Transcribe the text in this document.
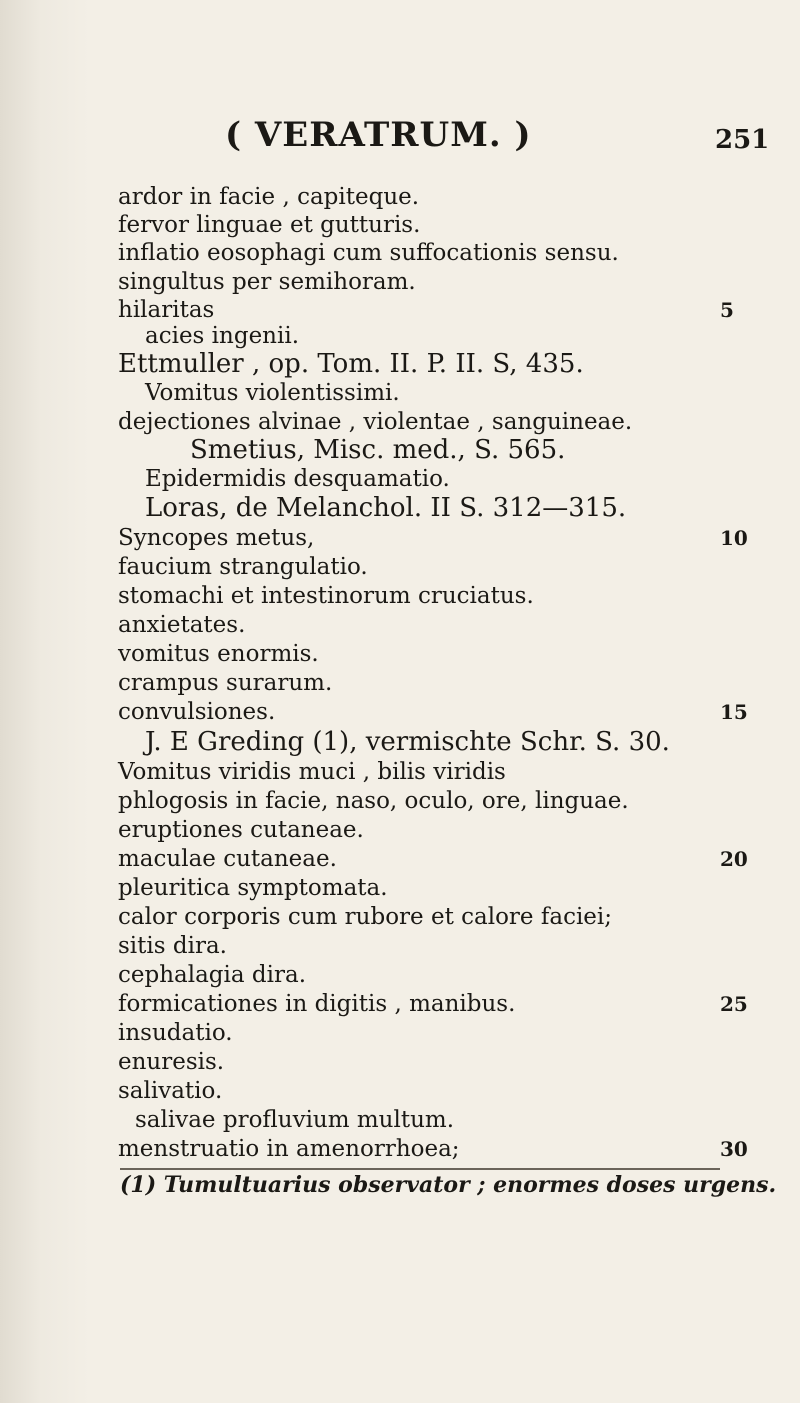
( VERATRUM. )	251
ardor in facie , capiteque.
fervor linguae et gutturis.
inflatio eosophagi cum suffocationis sensu.
singultus per semihoram.
hilaritas
acies ingenii.
Ettmuller , op. Tom. II. P. II. S, 435.
Vomitus violentissimi.
dejectiones alvinae , violentae , sanguineae.
Smetius, Misc. med., S. 565.
Epidermidis desquamatio.
Loras, de Melanchol. II S. 312—315.
Syncopes metus,
faucium strangulatio.
stomachi et intestinorum cruciatus.
anxietates.
vomitus enormis.
crampus surarum.
convulsiones.
J. E Greding (1), vermischte Schr. S. 30.
Vomitus viridis muci , bilis viridis
phlogosis in facie, naso, oculo, ore, linguae.
eruptiones cutaneae.
maculae cutaneae.
pleuritica symptomata.
calor corporis cum rubore et calore faciei;
sitis dira.
cephalagia dira.
formicationes in digitis , manibus.
insudatio.
enuresis.
salivatio.
salivae profluvium multum.
menstruatio in amenorrhoea;
5
10
15
20
25
30
(1) Tumultuarius observator ; enormes doses urgens.
